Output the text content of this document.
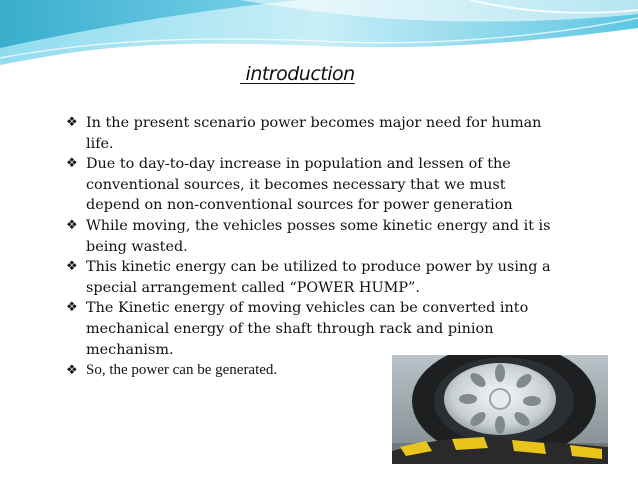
introduction
❖ In the present scenario power becomes major need for human
life.
❖ Due to day-to-day increase in population and lessen of the
conventional sources, it becomes necessary that we must
depend on non-conventional sources for power generation
❖ While moving, the vehicles posses some kinetic energy and it is
being wasted.
❖ This kinetic energy can be utilized to produce power by using a
special arrangement called “POWER HUMP”.
❖ The Kinetic energy of moving vehicles can be converted into
mechanical energy of the shaft through rack and pinion
mechanism.
❖ So, the power can be generated.
